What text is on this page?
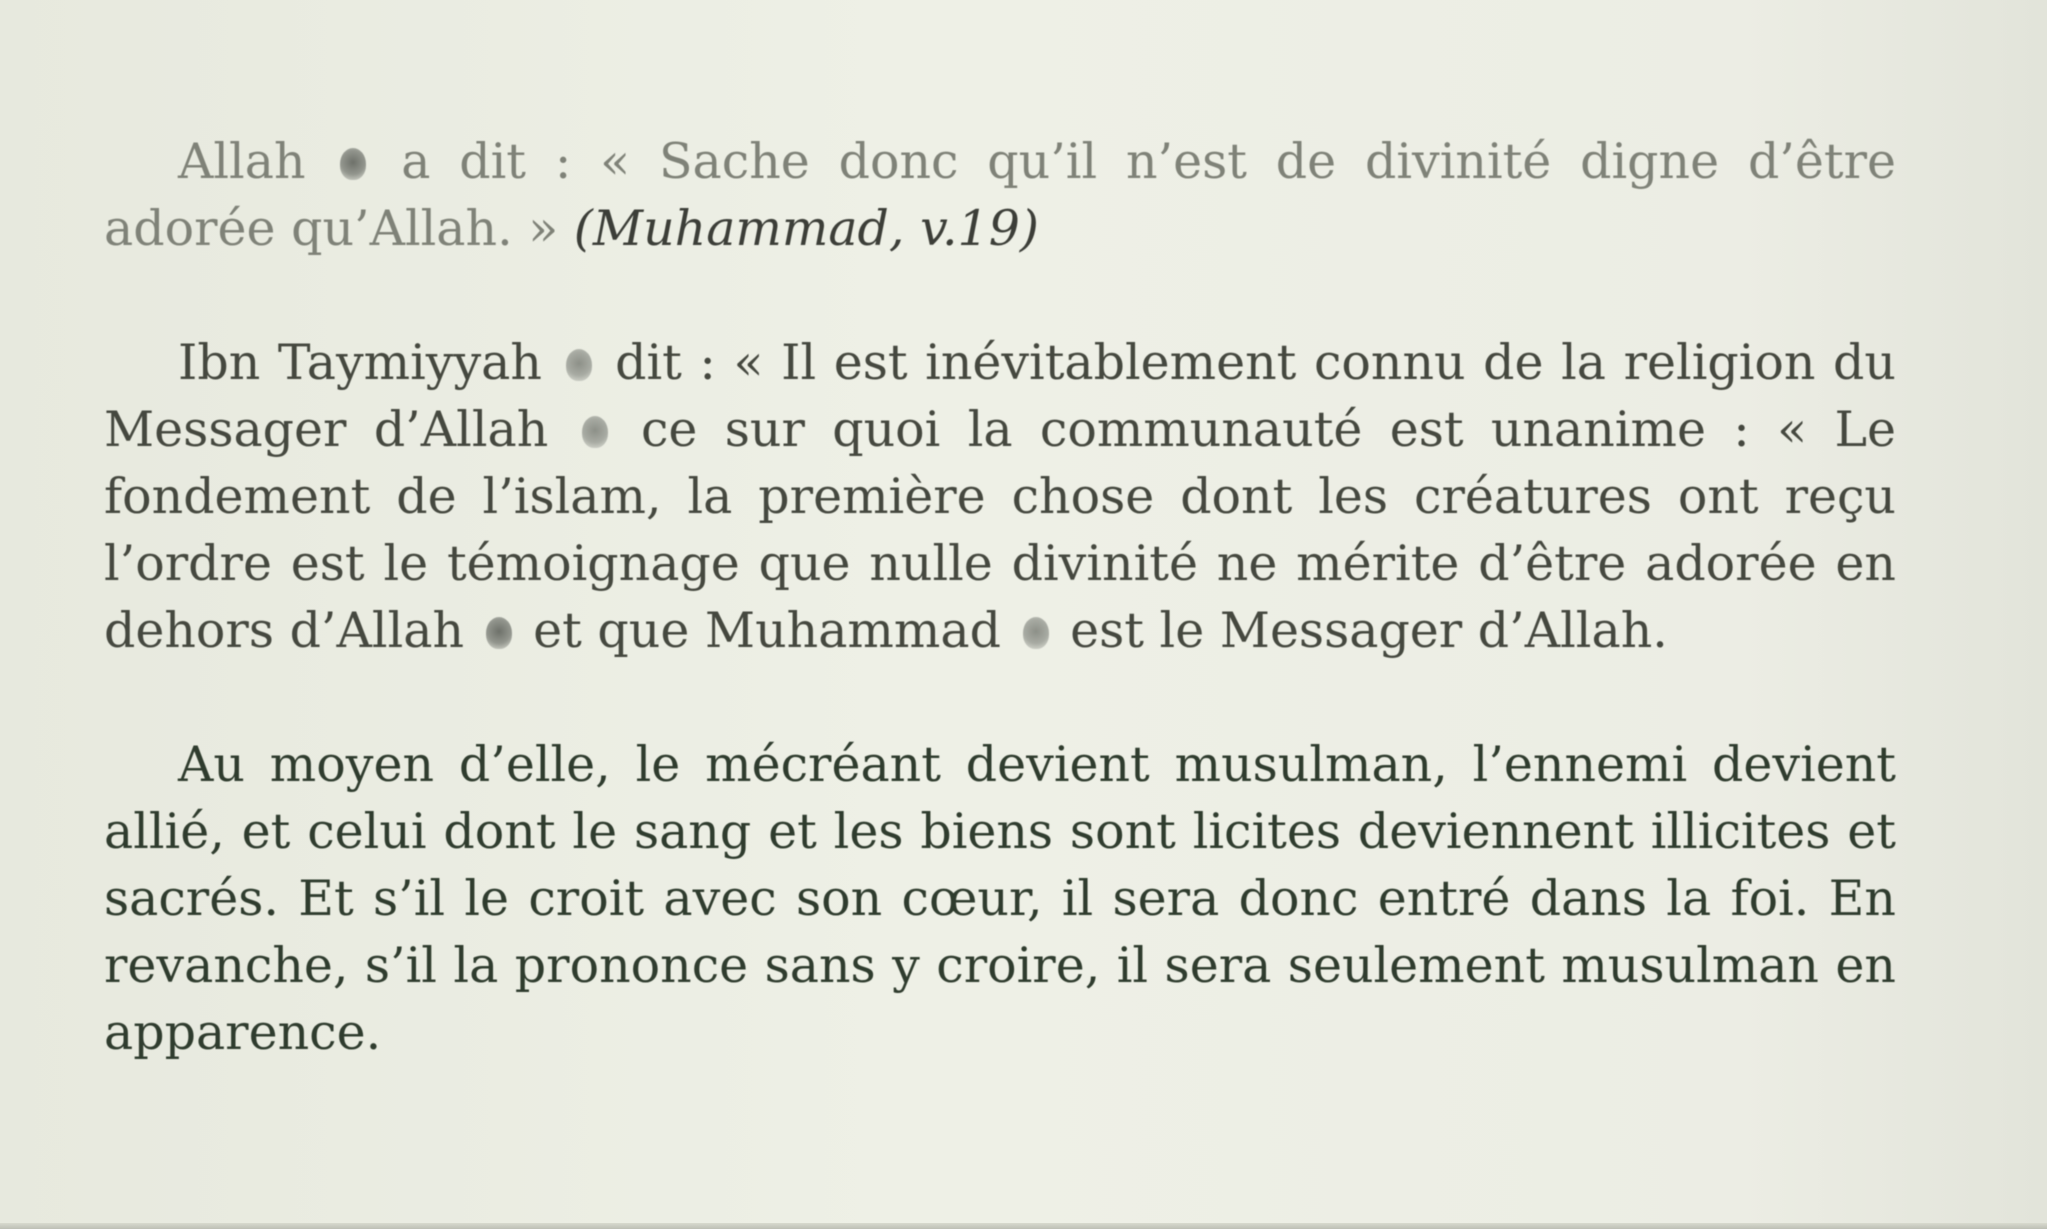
Allah a dit : « Sache donc qu’il n’est de divinité digne d’être adorée qu’Allah. » (Muhammad, v.19)

Ibn Taymiyyah dit : « Il est inévitablement connu de la religion du Messager d’Allah ce sur quoi la communauté est unanime : « Le fondement de l’islam, la première chose dont les créatures ont reçu l’ordre est le témoignage que nulle divinité ne mérite d’être adorée en dehors d’Allah et que Muhammad est le Messager d’Allah.

Au moyen d’elle, le mécréant devient musulman, l’ennemi devient allié, et celui dont le sang et les biens sont licites deviennent illicites et sacrés. Et s’il le croit avec son cœur, il sera donc entré dans la foi. En revanche, s’il la prononce sans y croire, il sera seulement musulman en apparence.
